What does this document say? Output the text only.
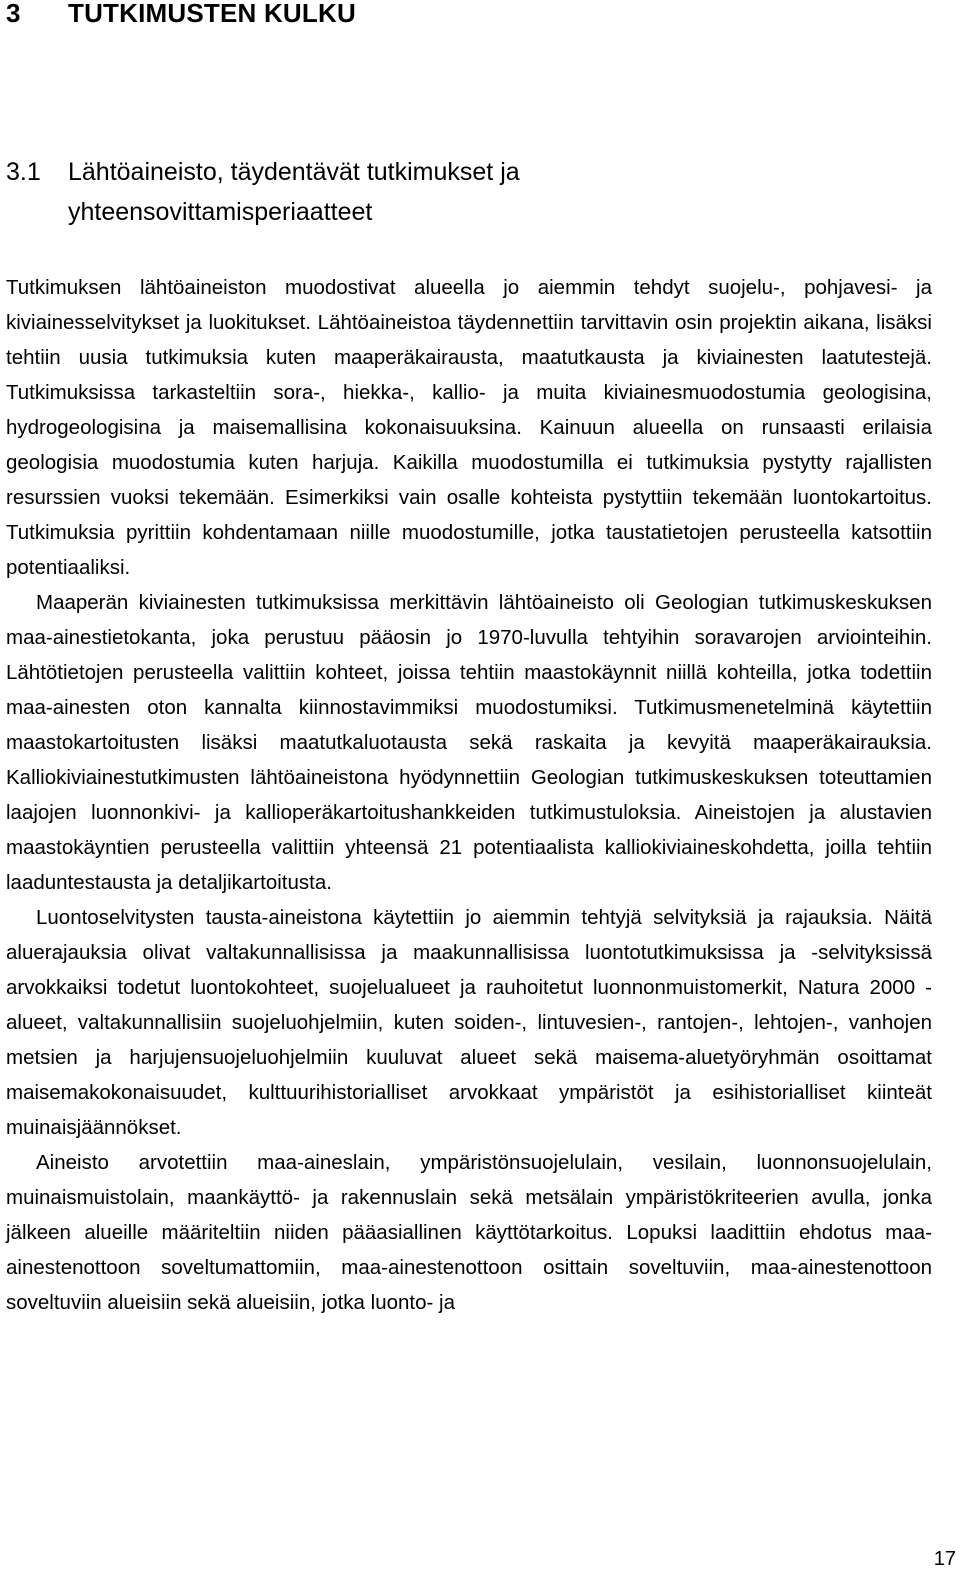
3 TUTKIMUSTEN KULKU
3.1 Lähtöaineisto, täydentävät tutkimukset ja
yhteensovittamisperiaatteet

Tutkimuksen lähtöaineiston muodostivat alueella jo aiemmin tehdyt suojelu-, pohjavesi- ja kiviainesselvitykset ja luokitukset. Lähtöaineistoa täydennettiin tarvittavin osin projektin aikana, lisäksi tehtiin uusia tutkimuksia kuten maaperäkairausta, maatutkausta ja kiviainesten laatutestejä. Tutkimuksissa tarkasteltiin sora-, hiekka-, kallio- ja muita kiviainesmuodostumia geologisina, hydrogeologisina ja maisemallisina kokonaisuuksina. Kainuun alueella on runsaasti erilaisia geologisia muodostumia kuten harjuja. Kaikilla muodostumilla ei tutkimuksia pystytty rajallisten resurssien vuoksi tekemään. Esimerkiksi vain osalle kohteista pystyttiin tekemään luontokartoitus. Tutkimuksia pyrittiin kohdentamaan niille muodostumille, jotka taustatietojen perusteella katsottiin potentiaaliksi.

Maaperän kiviainesten tutkimuksissa merkittävin lähtöaineisto oli Geologian tutkimuskeskuksen maa-ainestietokanta, joka perustuu pääosin jo 1970-luvulla tehtyihin soravarojen arviointeihin. Lähtötietojen perusteella valittiin kohteet, joissa tehtiin maastokäynnit niillä kohteilla, jotka todettiin maa-ainesten oton kannalta kiinnostavimmiksi muodostumiksi. Tutkimusmenetelminä käytettiin maastokartoitusten lisäksi maatutkaluotausta sekä raskaita ja kevyitä maaperäkairauksia. Kalliokiviainestutkimusten lähtöaineistona hyödynnettiin Geologian tutkimuskeskuksen toteuttamien laajojen luonnonkivi- ja kallioperäkartoitushankkeiden tutkimustuloksia. Aineistojen ja alustavien maastokäyntien perusteella valittiin yhteensä 21 potentiaalista kalliokiviaineskohdetta, joilla tehtiin laaduntestausta ja detaljikartoitusta.

Luontoselvitysten tausta-aineistona käytettiin jo aiemmin tehtyjä selvityksiä ja rajauksia. Näitä aluerajauksia olivat valtakunnallisissa ja maakunnallisissa luontotutkimuksissa ja -selvityksissä arvokkaiksi todetut luontokohteet, suojelualueet ja rauhoitetut luonnonmuistomerkit, Natura 2000 -alueet, valtakunnallisiin suojeluohjelmiin, kuten soiden-, lintuvesien-, rantojen-, lehtojen-, vanhojen metsien ja harjujensuojeluohjelmiin kuuluvat alueet sekä maisema-aluetyöryhmän osoittamat maisemakokonaisuudet, kulttuurihistorialliset arvokkaat ympäristöt ja esihistorialliset kiinteät muinaisjäännökset.

Aineisto arvotettiin maa-aineslain, ympäristönsuojelulain, vesilain, luonnonsuojelulain, muinaismuistolain, maankäyttö- ja rakennuslain sekä metsälain ympäristökriteerien avulla, jonka jälkeen alueille määriteltiin niiden pääasiallinen käyttötarkoitus. Lopuksi laadittiin ehdotus maa-ainestenottoon soveltumattomiin, maa-ainestenottoon osittain soveltuviin, maa-ainestenottoon soveltuviin alueisiin sekä alueisiin, jotka luonto- ja

17
